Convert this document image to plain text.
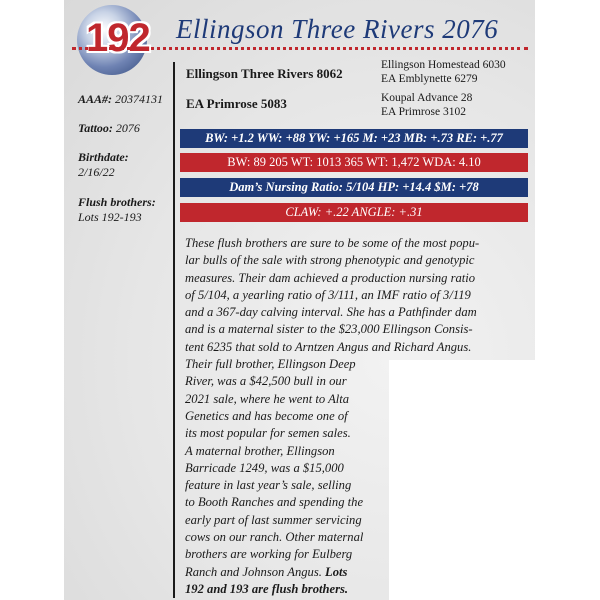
192 Ellingson Three Rivers 2076
AAA#: 20374131
Tattoo: 2076
Birthdate:
2/16/22
Flush brothers:
Lots 192-193
Ellingson Three Rivers 8062
EA Primrose 5083
Ellingson Homestead 6030
EA Emblynette 6279
Koupal Advance 28
EA Primrose 3102
BW: +1.2 WW: +88 YW: +165 M: +23 MB: +.73 RE: +.77
BW: 89 205 WT: 1013 365 WT: 1,472 WDA: 4.10
Dam’s Nursing Ratio: 5/104 HP: +14.4 $M: +78
CLAW: +.22 ANGLE: +.31
These flush brothers are sure to be some of the most popu-
lar bulls of the sale with strong phenotypic and genotypic
measures. Their dam achieved a production nursing ratio
of 5/104, a yearling ratio of 3/111, an IMF ratio of 3/119
and a 367-day calving interval. She has a Pathfinder dam
and is a maternal sister to the $23,000 Ellingson Consis-
tent 6235 that sold to Arntzen Angus and Richard Angus.
Their full brother, Ellingson Deep
River, was a $42,500 bull in our
2021 sale, where he went to Alta
Genetics and has become one of
its most popular for semen sales.
A maternal brother, Ellingson
Barricade 1249, was a $15,000
feature in last year’s sale, selling
to Booth Ranches and spending the
early part of last summer servicing
cows on our ranch. Other maternal
brothers are working for Eulberg
Ranch and Johnson Angus. Lots
192 and 193 are flush brothers.
